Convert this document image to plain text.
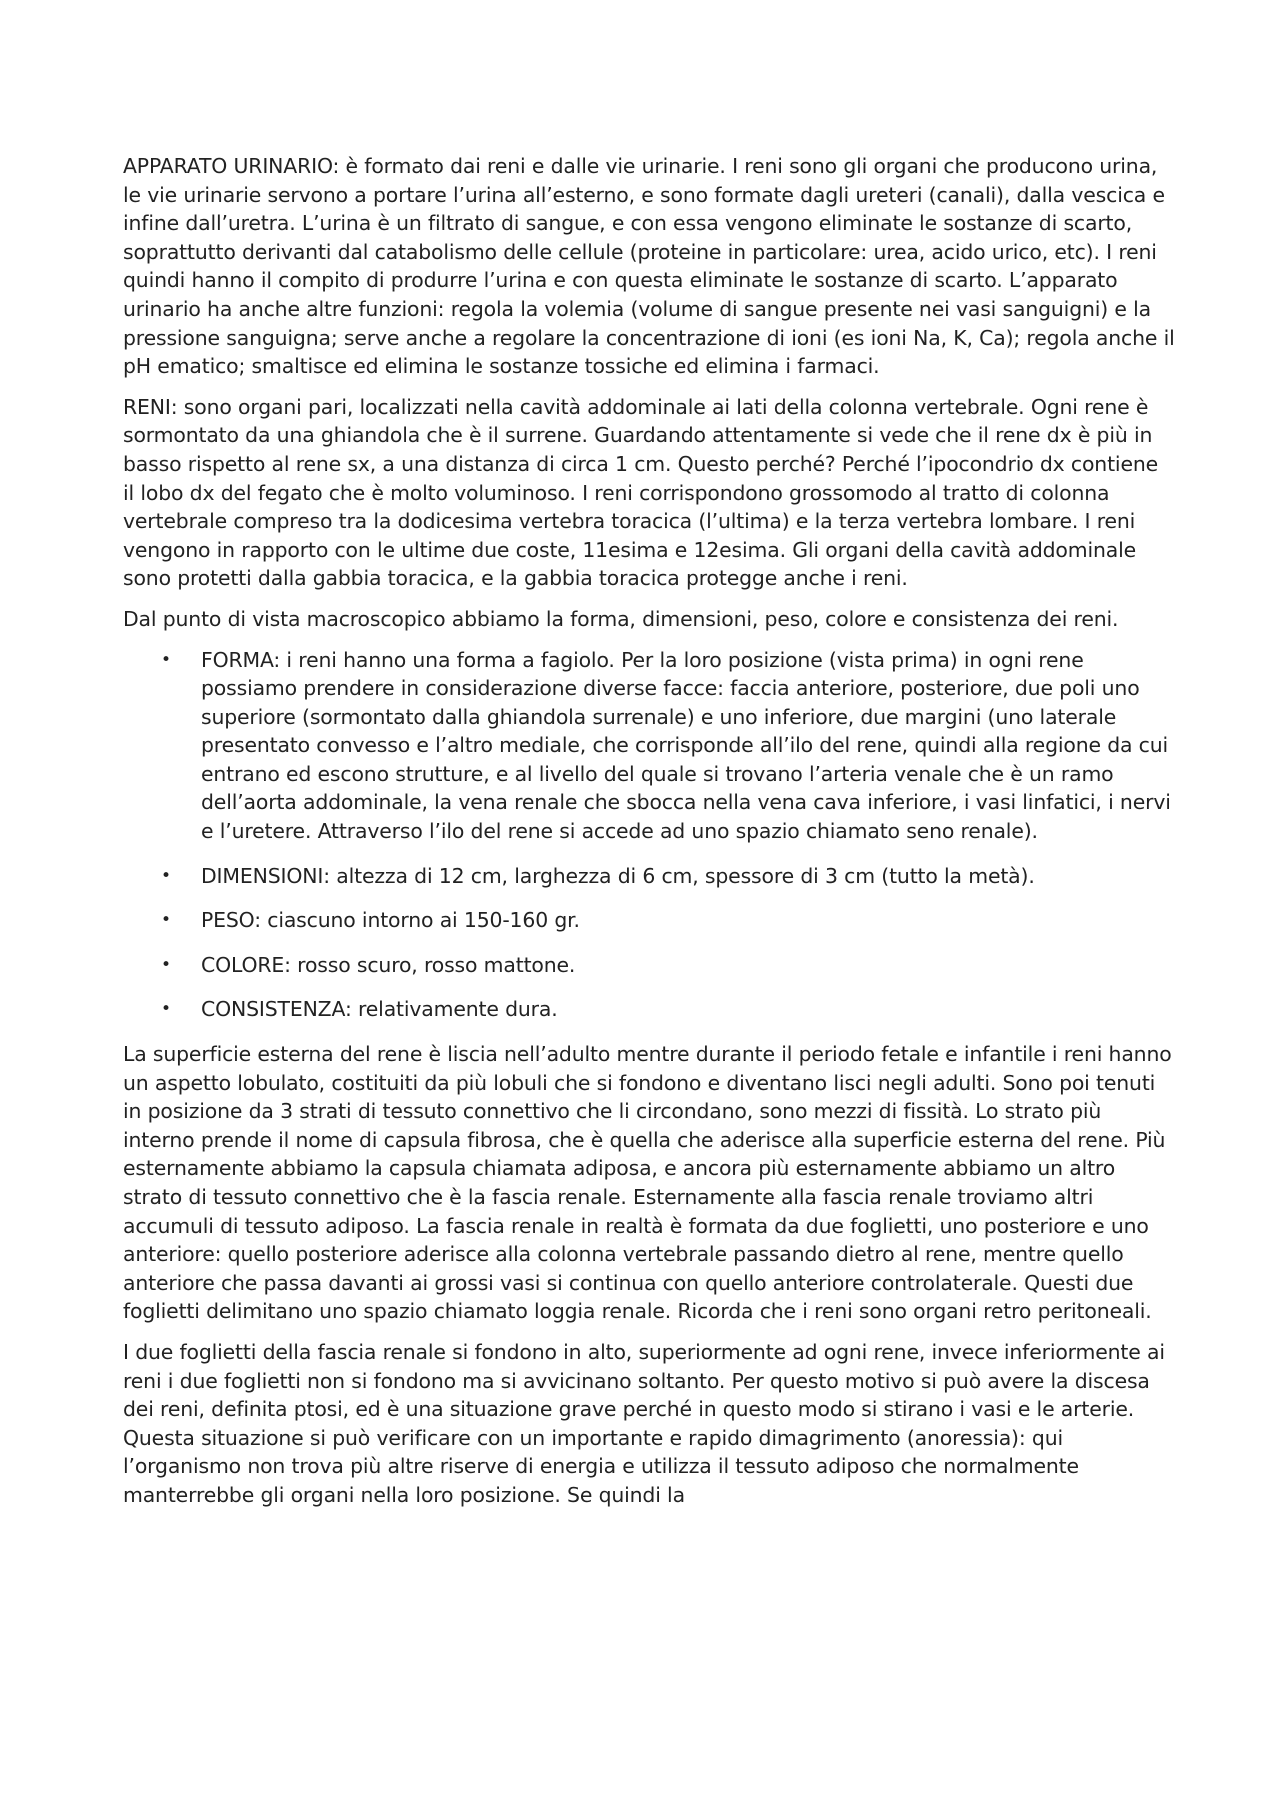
APPARATO URINARIO: è formato dai reni e dalle vie urinarie. I reni sono gli organi che producono urina, le vie urinarie servono a portare l’urina all’esterno, e sono formate dagli ureteri (canali), dalla vescica e infine dall’uretra. L’urina è un filtrato di sangue, e con essa vengono eliminate le sostanze di scarto, soprattutto derivanti dal catabolismo delle cellule (proteine in particolare: urea, acido urico, etc). I reni quindi hanno il compito di produrre l’urina e con questa eliminate le sostanze di scarto. L’apparato urinario ha anche altre funzioni: regola la volemia (volume di sangue presente nei vasi sanguigni) e la pressione sanguigna; serve anche a regolare la concentrazione di ioni (es ioni Na, K, Ca); regola anche il pH ematico; smaltisce ed elimina le sostanze tossiche ed elimina i farmaci.

RENI: sono organi pari, localizzati nella cavità addominale ai lati della colonna vertebrale. Ogni rene è sormontato da una ghiandola che è il surrene. Guardando attentamente si vede che il rene dx è più in basso rispetto al rene sx, a una distanza di circa 1 cm. Questo perché? Perché l’ipocondrio dx contiene il lobo dx del fegato che è molto voluminoso. I reni corrispondono grossomodo al tratto di colonna vertebrale compreso tra la dodicesima vertebra toracica (l’ultima) e la terza vertebra lombare. I reni vengono in rapporto con le ultime due coste, 11esima e 12esima. Gli organi della cavità addominale sono protetti dalla gabbia toracica, e la gabbia toracica protegge anche i reni.

Dal punto di vista macroscopico abbiamo la forma, dimensioni, peso, colore e consistenza dei reni.

• FORMA: i reni hanno una forma a fagiolo. Per la loro posizione (vista prima) in ogni rene possiamo prendere in considerazione diverse facce: faccia anteriore, posteriore, due poli uno superiore (sormontato dalla ghiandola surrenale) e uno inferiore, due margini (uno laterale presentato convesso e l’altro mediale, che corrisponde all’ilo del rene, quindi alla regione da cui entrano ed escono strutture, e al livello del quale si trovano l’arteria venale che è un ramo dell’aorta addominale, la vena renale che sbocca nella vena cava inferiore, i vasi linfatici, i nervi e l’uretere. Attraverso l’ilo del rene si accede ad uno spazio chiamato seno renale).
• DIMENSIONI: altezza di 12 cm, larghezza di 6 cm, spessore di 3 cm (tutto la metà).
• PESO: ciascuno intorno ai 150-160 gr.
• COLORE: rosso scuro, rosso mattone.
• CONSISTENZA: relativamente dura.

La superficie esterna del rene è liscia nell’adulto mentre durante il periodo fetale e infantile i reni hanno un aspetto lobulato, costituiti da più lobuli che si fondono e diventano lisci negli adulti. Sono poi tenuti in posizione da 3 strati di tessuto connettivo che li circondano, sono mezzi di fissità. Lo strato più interno prende il nome di capsula fibrosa, che è quella che aderisce alla superficie esterna del rene. Più esternamente abbiamo la capsula chiamata adiposa, e ancora più esternamente abbiamo un altro strato di tessuto connettivo che è la fascia renale. Esternamente alla fascia renale troviamo altri accumuli di tessuto adiposo. La fascia renale in realtà è formata da due foglietti, uno posteriore e uno anteriore: quello posteriore aderisce alla colonna vertebrale passando dietro al rene, mentre quello anteriore che passa davanti ai grossi vasi si continua con quello anteriore controlaterale. Questi due foglietti delimitano uno spazio chiamato loggia renale. Ricorda che i reni sono organi retro peritoneali.

I due foglietti della fascia renale si fondono in alto, superiormente ad ogni rene, invece inferiormente ai reni i due foglietti non si fondono ma si avvicinano soltanto. Per questo motivo si può avere la discesa dei reni, definita ptosi, ed è una situazione grave perché in questo modo si stirano i vasi e le arterie. Questa situazione si può verificare con un importante e rapido dimagrimento (anoressia): qui l’organismo non trova più altre riserve di energia e utilizza il tessuto adiposo che normalmente manterrebbe gli organi nella loro posizione. Se quindi la
